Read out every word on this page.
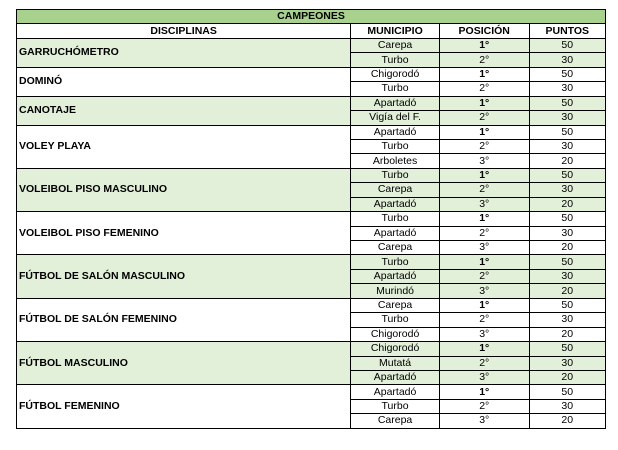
CAMPEONES			
DISCIPLINAS	MUNICIPIO	POSICIÓN	PUNTOS
GARRUCHÓMETRO	Carepa	1°	50
	Turbo	2°	30
DOMINÓ	Chigorodó	1°	50
	Turbo	2°	30
CANOTAJE	Apartadó	1°	50
	Vigía del F.	2°	30
VOLEY PLAYA	Apartadó	1°	50
	Turbo	2°	30
	Arboletes	3°	20
VOLEIBOL PISO MASCULINO	Turbo	1°	50
	Carepa	2°	30
	Apartadó	3°	20
VOLEIBOL PISO FEMENINO	Turbo	1°	50
	Apartadó	2°	30
	Carepa	3°	20
FÚTBOL DE SALÓN MASCULINO	Turbo	1°	50
	Apartadó	2°	30
	Murindó	3°	20
FÚTBOL DE SALÓN FEMENINO	Carepa	1°	50
	Turbo	2°	30
	Chigorodó	3°	20
FÚTBOL MASCULINO	Chigorodó	1°	50
	Mutatá	2°	30
	Apartadó	3°	20
FÚTBOL FEMENINO	Apartadó	1°	50
	Turbo	2°	30
	Carepa	3°	20
